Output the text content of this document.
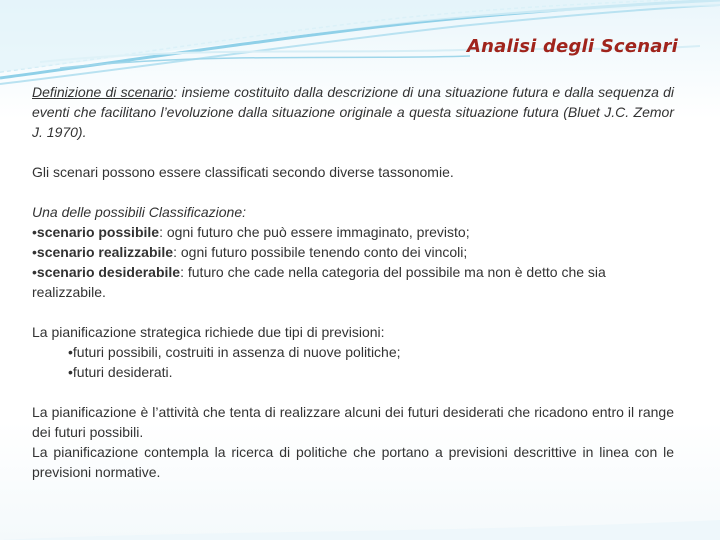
Analisi degli Scenari

Definizione di scenario: insieme costituito dalla descrizione di una situazione futura e dalla sequenza di eventi che facilitano l’evoluzione dalla situazione originale a questa situazione futura (Bluet J.C. Zemor J. 1970).

Gli scenari possono essere classificati secondo diverse tassonomie.

Una delle possibili Classificazione:
•scenario possibile: ogni futuro che può essere immaginato, previsto;
•scenario realizzabile: ogni futuro possibile tenendo conto dei vincoli;
•scenario desiderabile: futuro che cade nella categoria del possibile ma non è detto che sia realizzabile.
La pianificazione strategica richiede due tipi di previsioni:
•futuri possibili, costruiti in assenza di nuove politiche;
•futuri desiderati.
La pianificazione è l’attività che tenta di realizzare alcuni dei futuri desiderati che ricadono entro il range dei futuri possibili.
La pianificazione contempla la ricerca di politiche che portano a previsioni descrittive in linea con le previsioni normative.
